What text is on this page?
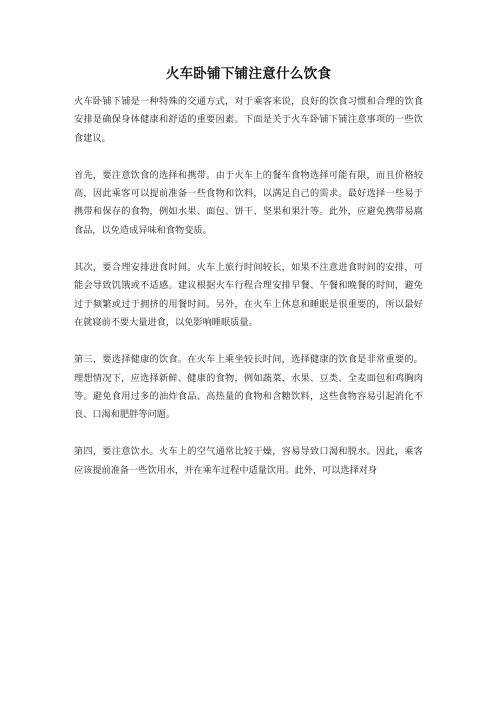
火车卧铺下铺注意什么饮食

火车卧铺下铺是一种特殊的交通方式，对于乘客来说，良好的饮食习惯和合理的饮食安排是确保身体健康和舒适的重要因素。下面是关于火车卧铺下铺注意事项的一些饮食建议。

首先，要注意饮食的选择和携带。由于火车上的餐车食物选择可能有限，而且价格较高，因此乘客可以提前准备一些食物和饮料，以满足自己的需求。最好选择一些易于携带和保存的食物，例如水果、面包、饼干、坚果和果汁等。此外，应避免携带易腐食品，以免造成异味和食物变质。

其次，要合理安排进食时间。火车上旅行时间较长，如果不注意进食时间的安排，可能会导致饥饿或不适感。建议根据火车行程合理安排早餐、午餐和晚餐的时间，避免过于频繁或过于拥挤的用餐时间。另外，在火车上休息和睡眠是很重要的，所以最好在就寝前不要大量进食，以免影响睡眠质量。

第三，要选择健康的饮食。在火车上乘坐较长时间，选择健康的饮食是非常重要的。理想情况下，应选择新鲜、健康的食物，例如蔬菜、水果、豆类、全麦面包和鸡胸肉等。避免食用过多的油炸食品、高热量的食物和含糖饮料，这些食物容易引起消化不良、口渴和肥胖等问题。

第四，要注意饮水。火车上的空气通常比较干燥，容易导致口渴和脱水。因此，乘客应该提前准备一些饮用水，并在乘车过程中适量饮用。此外，可以选择对身
